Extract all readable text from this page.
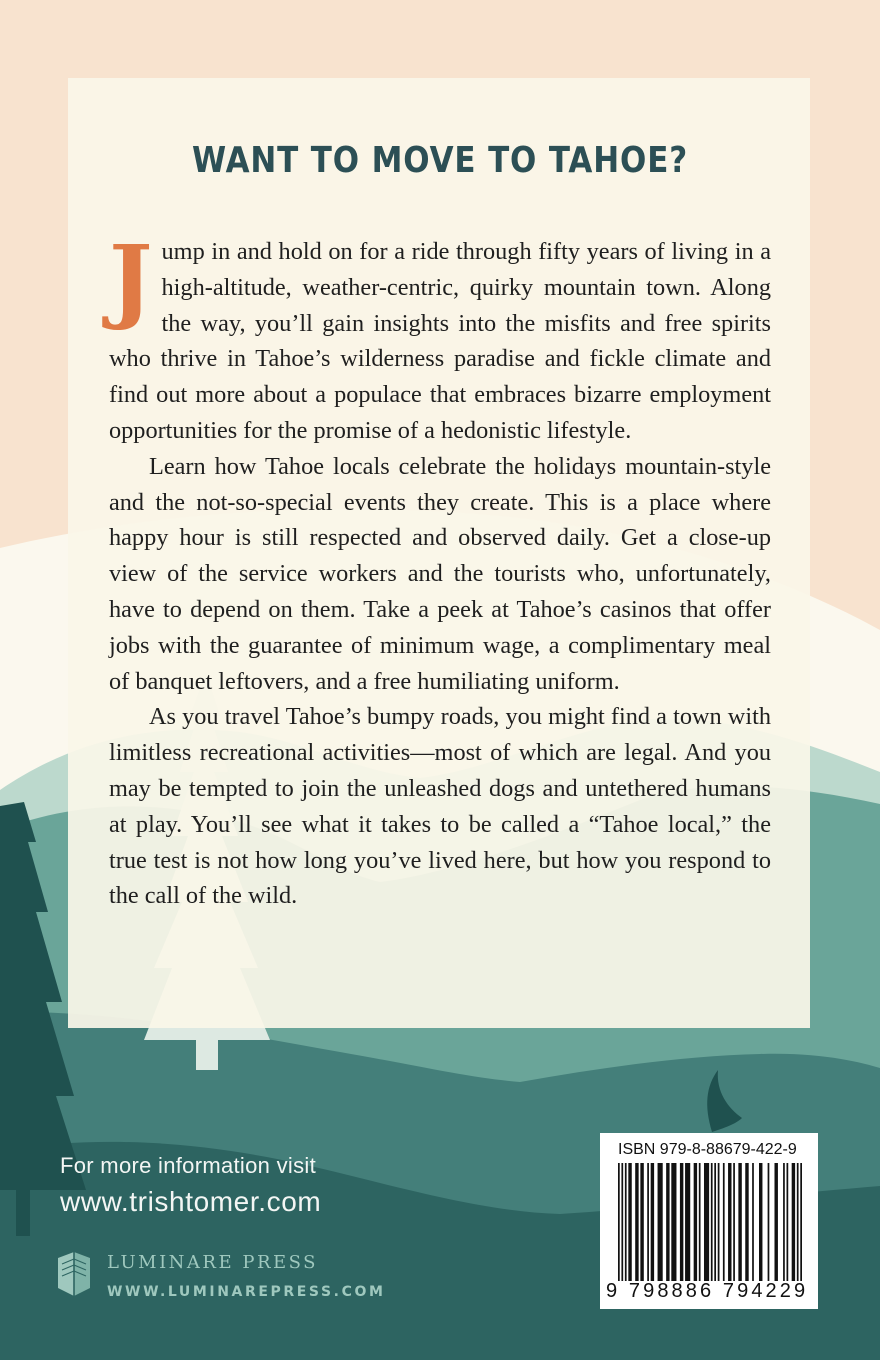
WANT TO MOVE TO TAHOE?

Jump in and hold on for a ride through fifty years of living in a high-altitude, weather-centric, quirky mountain town. Along the way, you’ll gain insights into the misfits and free spirits who thrive in Tahoe’s wilderness paradise and fickle climate and find out more about a populace that embraces bizarre employment opportunities for the promise of a hedonistic lifestyle.

Learn how Tahoe locals celebrate the holidays mountain-style and the not-so-special events they create. This is a place where happy hour is still respected and observed daily. Get a close-up view of the service workers and the tourists who, unfortunately, have to depend on them. Take a peek at Tahoe’s casinos that offer jobs with the guarantee of minimum wage, a complimentary meal of banquet leftovers, and a free humiliating uniform.

As you travel Tahoe’s bumpy roads, you might find a town with limitless recreational activities—most of which are legal. And you may be tempted to join the unleashed dogs and untethered humans at play. You’ll see what it takes to be called a “Tahoe local,” the true test is not how long you’ve lived here, but how you respond to the call of the wild.

For more information visit
www.trishtomer.com
LUMINARE PRESS
WWW.LUMINAREPRESS.COM
ISBN 979-8-88679-422-9
9 798886 794229
